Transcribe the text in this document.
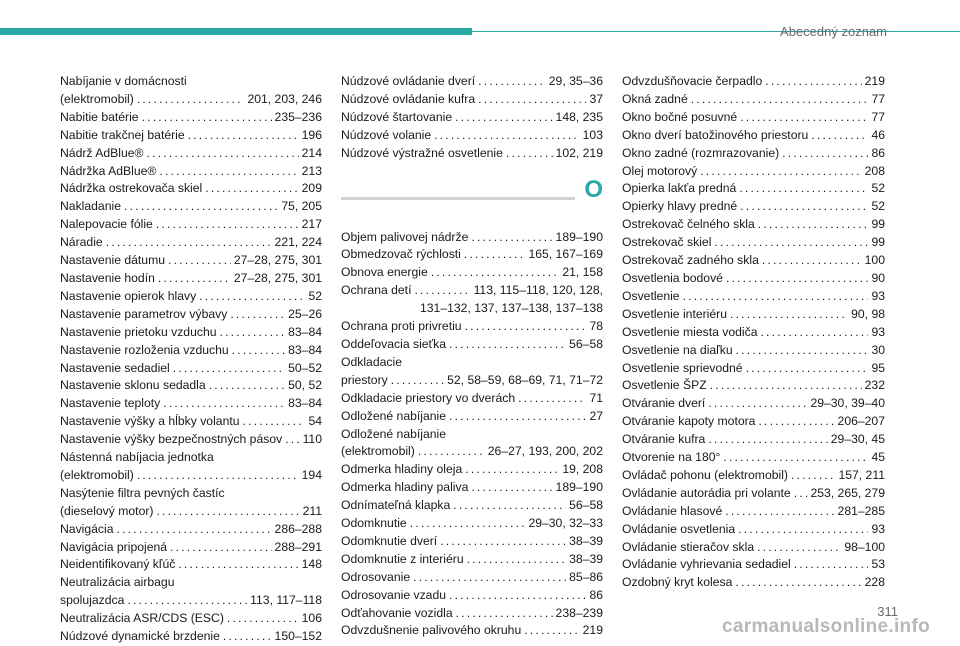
Abecedný zoznam
Nabíjanie v domácnosti
(elektromobil) . . .	201, 203, 246
Nabitie batérie . . .	235–236
Nabitie trakčnej batérie . . .	196
Nádrž AdBlue® . . .	214
Nádržka AdBlue® . . .	213
Nádržka ostrekovača skiel . . .	209
Nakladanie . . .	75, 205
Nalepovacie fólie . . .	217
Náradie . . .	221, 224
Nastavenie dátumu . . .	27–28, 275, 301
Nastavenie hodín . . .	27–28, 275, 301
Nastavenie opierok hlavy . . .	52
Nastavenie parametrov výbavy . . .	25–26
Nastavenie prietoku vzduchu . . .	83–84
Nastavenie rozloženia vzduchu . . .	83–84
Nastavenie sedadiel . . .	50–52
Nastavenie sklonu sedadla . . .	50, 52
Nastavenie teploty . . .	83–84
Nastavenie výšky a hĺbky volantu . . .	54
Nastavenie výšky bezpečnostných pásov . . . 110
Nástenná nabíjacia jednotka
(elektromobil) . . .	194
Nasýtenie filtra pevných častíc
(dieselový motor) . . .	211
Navigácia . . .	286–288
Navigácia pripojená . . .	288–291
Neidentifikovaný kľúč . . .	148
Neutralizácia airbagu
spolujazdca . . .	113, 117–118
Neutralizácia ASR/CDS (ESC) . . .	106
Núdzové dynamické brzdenie . . .	150–152
Núdzové ovládanie dverí . . .	29, 35–36
Núdzové ovládanie kufra . . .	37
Núdzové štartovanie . . .	148, 235
Núdzové volanie . . .	103
Núdzové výstražné osvetlenie . . .	102, 219
O
Objem palivovej nádrže . . .	189–190
Obmedzovač rýchlosti . . .	165, 167–169
Obnova energie . . .	21, 158
Ochrana detí . . .	113, 115–118, 120, 128,
131–132, 137, 137–138, 137–138
Ochrana proti privretiu . . .	78
Oddeľovacia sieťka . . .	56–58
Odkladacie
priestory . . .	52, 58–59, 68–69, 71, 71–72
Odkladacie priestory vo dverách . . .	71
Odložené nabíjanie . . .	27
Odložené nabíjanie
(elektromobil) . . .	26–27, 193, 200, 202
Odmerka hladiny oleja . . .	19, 208
Odmerka hladiny paliva . . .	189–190
Odnímateľná klapka . . .	56–58
Odomknutie . . .	29–30, 32–33
Odomknutie dverí . . .	38–39
Odomknutie z interiéru . . .	38–39
Odrosovanie . . .	85–86
Odrosovanie vzadu . . .	86
Odťahovanie vozidla . . .	238–239
Odvzdušnenie palivového okruhu . . .	219
Odvzdušňovacie čerpadlo . . .	219
Okná zadné . . .	77
Okno bočné posuvné . . .	77
Okno dverí batožinového priestoru . . .	46
Okno zadné (rozmrazovanie) . . .	86
Olej motorový . . .	208
Opierka lakťa predná . . .	52
Opierky hlavy predné . . .	52
Ostrekovač čelného skla . . .	99
Ostrekovač skiel . . .	99
Ostrekovač zadného skla . . .	100
Osvetlenia bodové . . .	90
Osvetlenie . . .	93
Osvetlenie interiéru . . .	90, 98
Osvetlenie miesta vodiča . . .	93
Osvetlenie na diaľku . . .	30
Osvetlenie sprievodné . . .	95
Osvetlenie ŠPZ . . .	232
Otváranie dverí . . .	29–30, 39–40
Otváranie kapoty motora . . .	206–207
Otváranie kufra . . .	29–30, 45
Otvorenie na 180° . . .	45
Ovládač pohonu (elektromobil) . . .	157, 211
Ovládanie autorádia pri volante . . . 253, 265, 279
Ovládanie hlasové . . .	281–285
Ovládanie osvetlenia . . .	93
Ovládanie stieračov skla . . .	98–100
Ovládanie vyhrievania sedadiel . . .	53
Ozdobný kryt kolesa . . .	228
311
carmanualsonline.info
